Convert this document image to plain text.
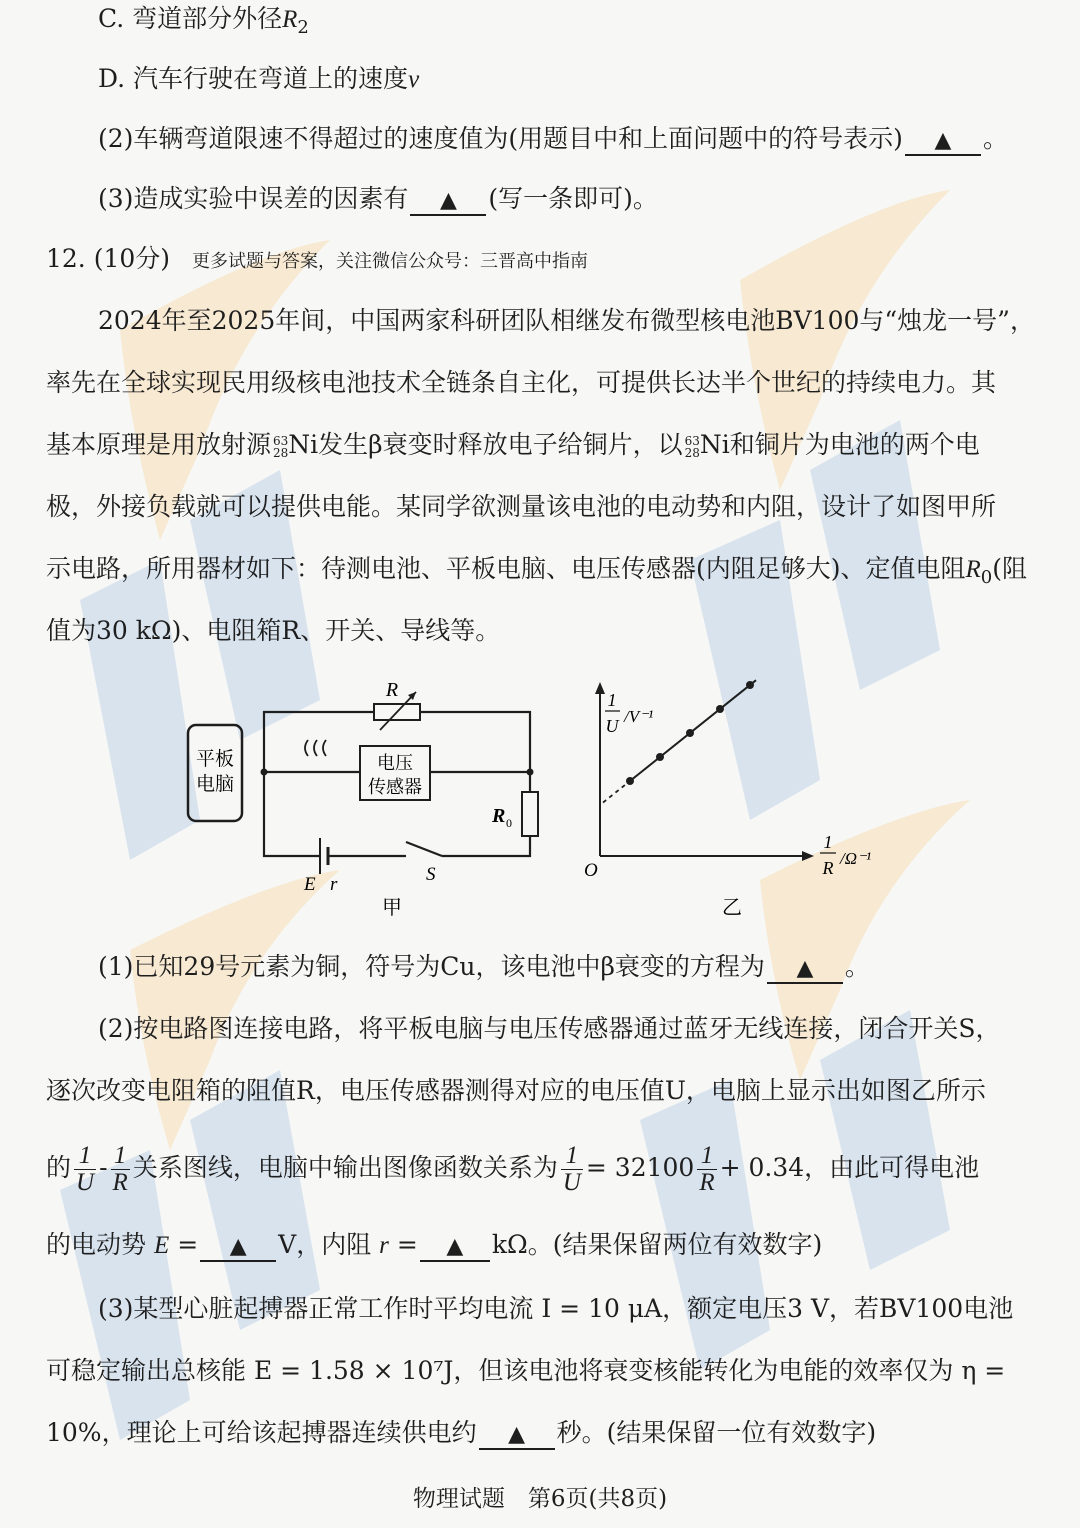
C. 弯道部分外径$R_2$
D. 汽车行驶在弯道上的速度v
(2)车辆弯道限速不得超过的速度值为(用题目中和上面问题中的符号表示) ▲ 。
(3)造成实验中误差的因素有 ▲ (写一条即可)。
12. (10分) 更多试题与答案，关注微信公众号：三晋高中指南
2024年至2025年间，中国两家科研团队相继发布微型核电池BV100与“烛龙一号”，
率先在全球实现民用级核电池技术全链条自主化，可提供长达半个世纪的持续电力。其
基本原理是用放射源 63
28 Ni发生β衰变时释放电子给铜片，以 63
28 Ni和铜片为电池的两个电
极，外接负载就可以提供电能。某同学欲测量该电池的电动势和内阻，设计了如图甲所
示电路，所用器材如下：待测电池、平板电脑、电压传感器(内阻足够大)、定值电阻$R_0$(阻
值为30 kΩ)、电阻箱R、开关、导线等。
平板
电脑
R
电压
传感器
R 0
E r	S
甲
1
U /V⁻¹
1
R /Ω⁻¹
O
乙
(1)已知29号元素为铜，符号为Cu，该电池中β衰变的方程为 ▲ 。
(2)按电路图连接电路，将平板电脑与电压传感器通过蓝牙无线连接，闭合开关S，
逐次改变电阻箱的阻值R，电压传感器测得对应的电压值U，电脑上显示出如图乙所示
的 $\frac{1}{U} - \frac{1}{R}$ 关系图线，电脑中输出图像函数关系为 $\frac{1}{U} = 32100 \frac{1}{R} + 0.34$，由此可得电池
的电动势 E = ▲ V，内阻 r = ▲ kΩ。(结果保留两位有效数字)
(3)某型心脏起搏器正常工作时平均电流 I = 10 μA，额定电压3 V，若BV100电池
可稳定输出总核能 E = 1.58 × 10⁷J，但该电池将衰变核能转化为电能的效率仅为 η =
10%，理论上可给该起搏器连续供电约 ▲ 秒。(结果保留一位有效数字)
物理试题　第6页(共8页)
